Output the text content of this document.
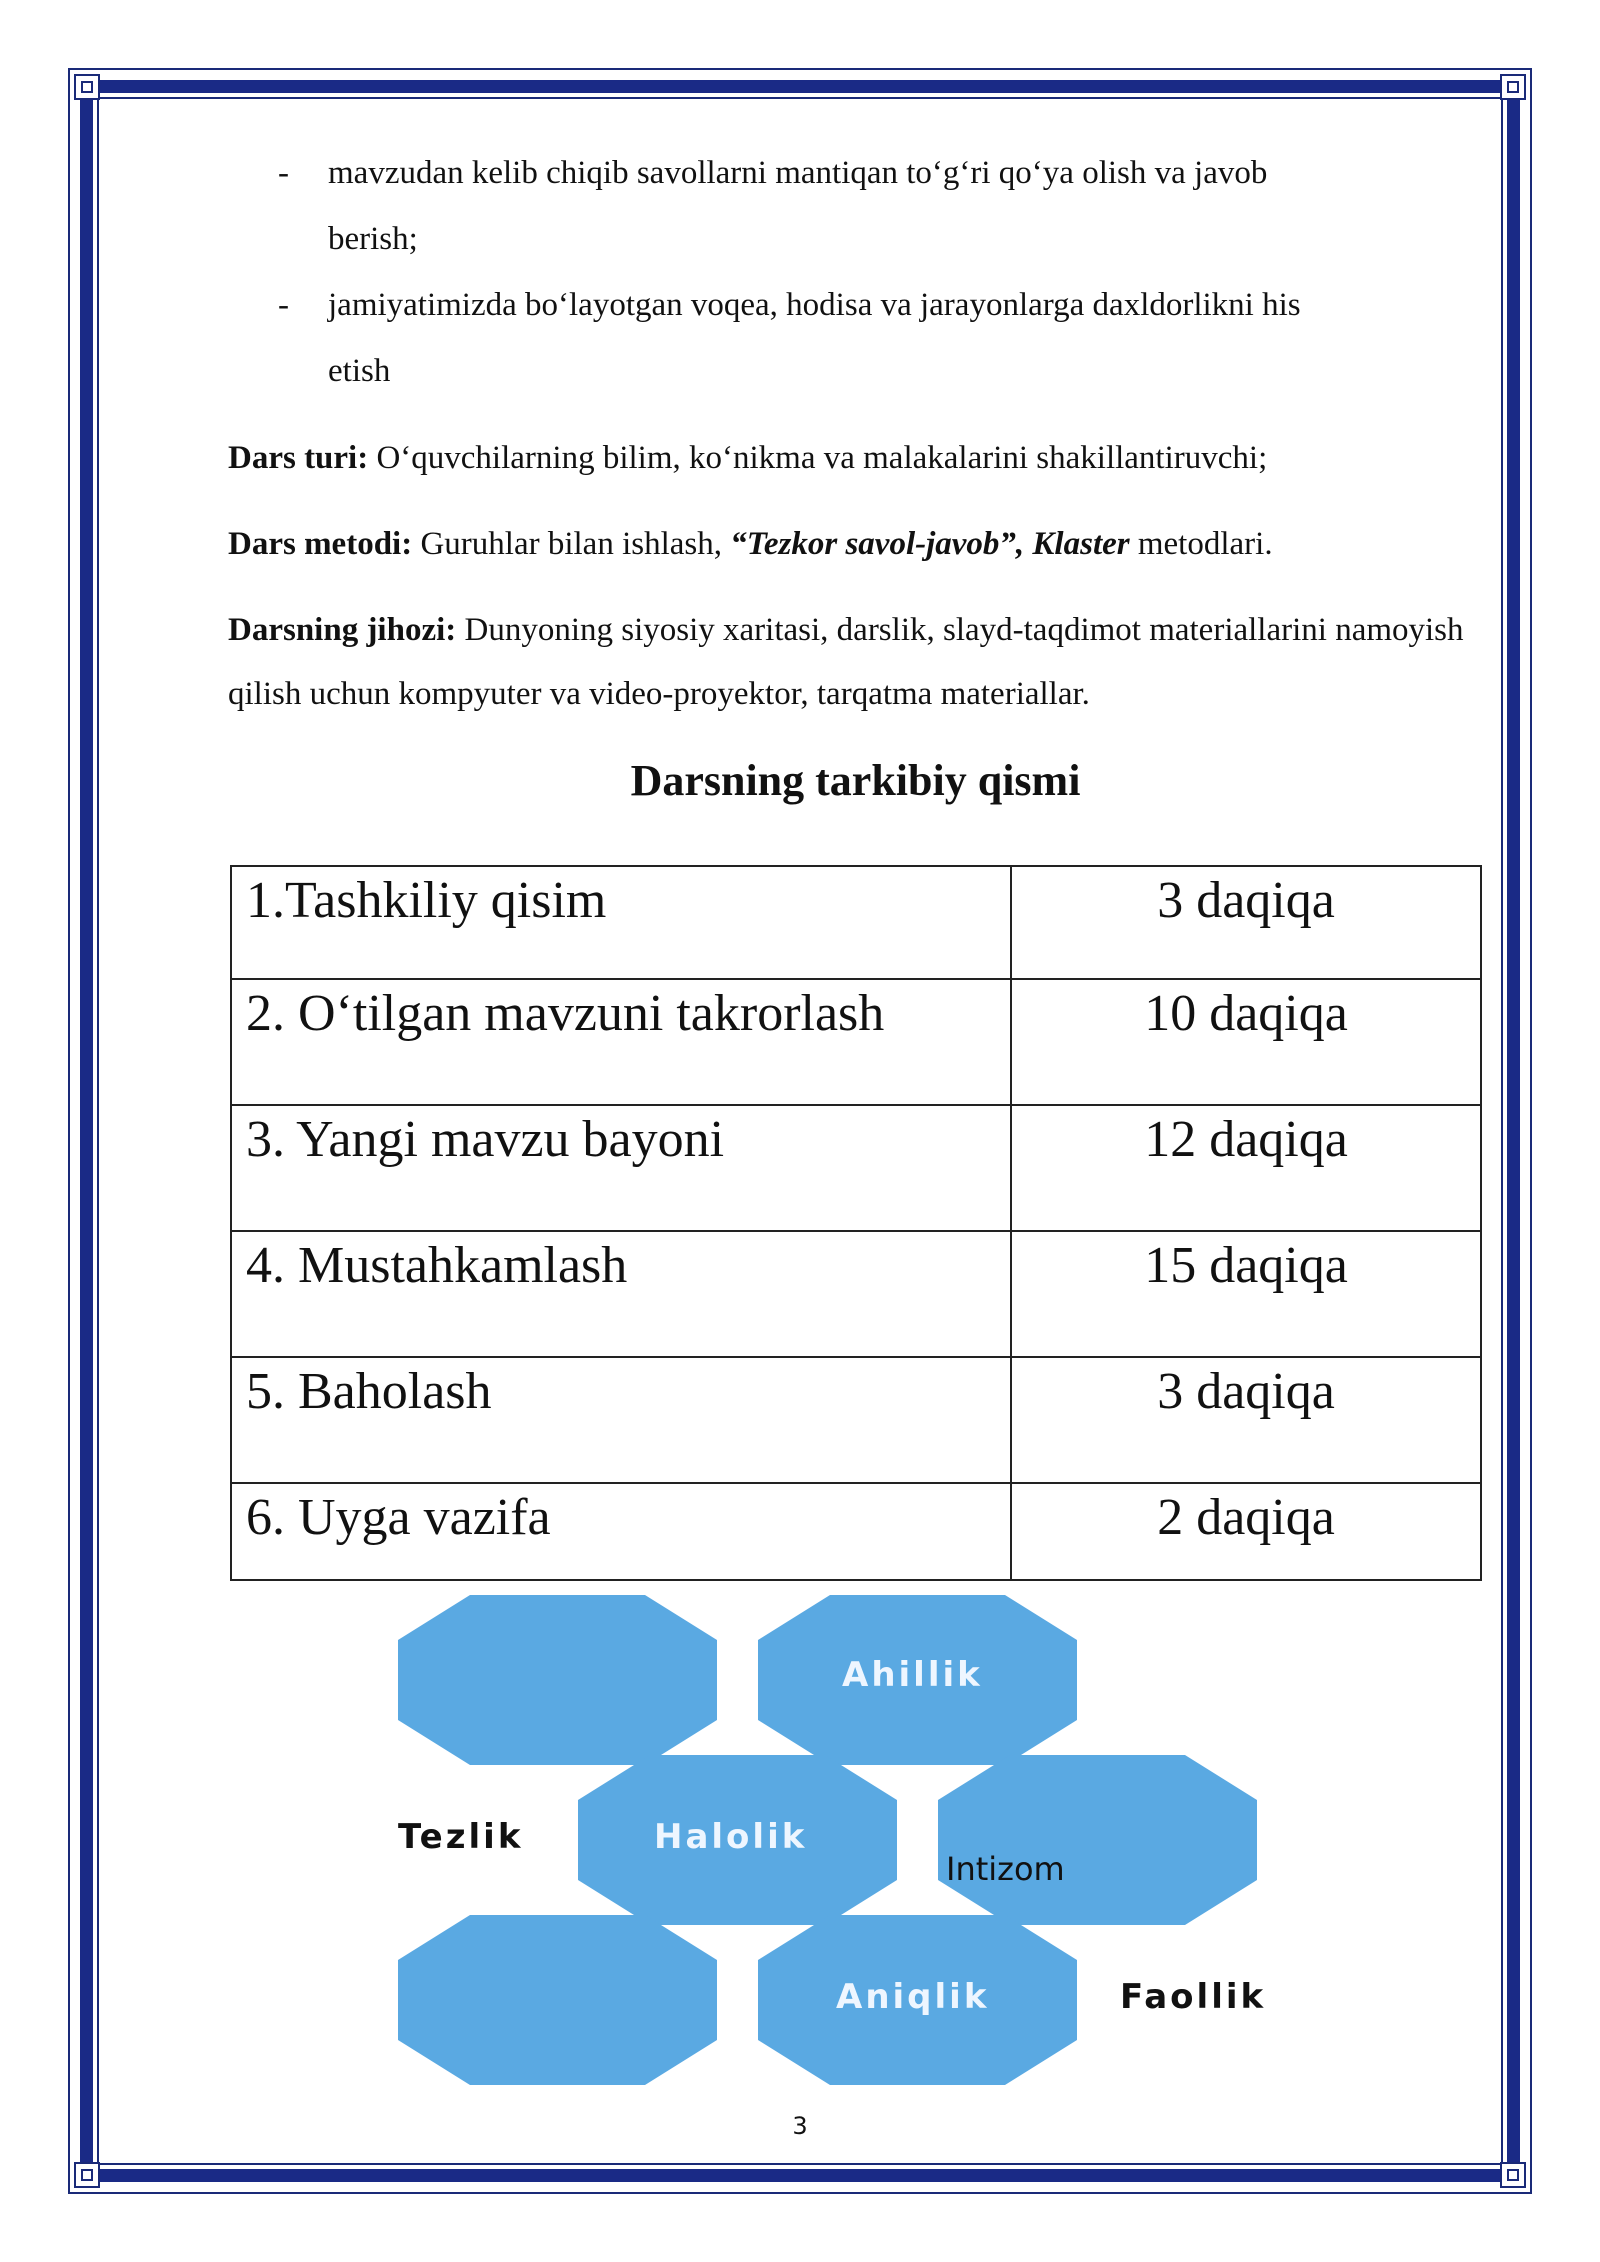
- mavzudan kelib chiqib savollarni mantiqan to‘g‘ri qo‘ya olish va javob
berish;
- jamiyatimizda bo‘layotgan voqea, hodisa va jarayonlarga daxldorlikni his
etish
Dars turi: O‘quvchilarning bilim, ko‘nikma va malakalarini shakillantiruvchi;
Dars metodi: Guruhlar bilan ishlash, “Tezkor savol-javob”, Klaster metodlari.
Darsning jihozi: Dunyoning siyosiy xaritasi, darslik, slayd-taqdimot materiallarini namoyish qilish uchun kompyuter va video-proyektor, tarqatma materiallar.
Darsning tarkibiy qismi
1.Tashkiliy qisim	3 daqiqa
2. O‘tilgan mavzuni takrorlash	10 daqiqa
3. Yangi mavzu bayoni	12 daqiqa
4. Mustahkamlash	15 daqiqa
5. Baholash	3 daqiqa
6. Uyga vazifa	2 daqiqa
Ahillik
Tezlik	Halolik
Intizom
Aniqlik	Faollik
3
